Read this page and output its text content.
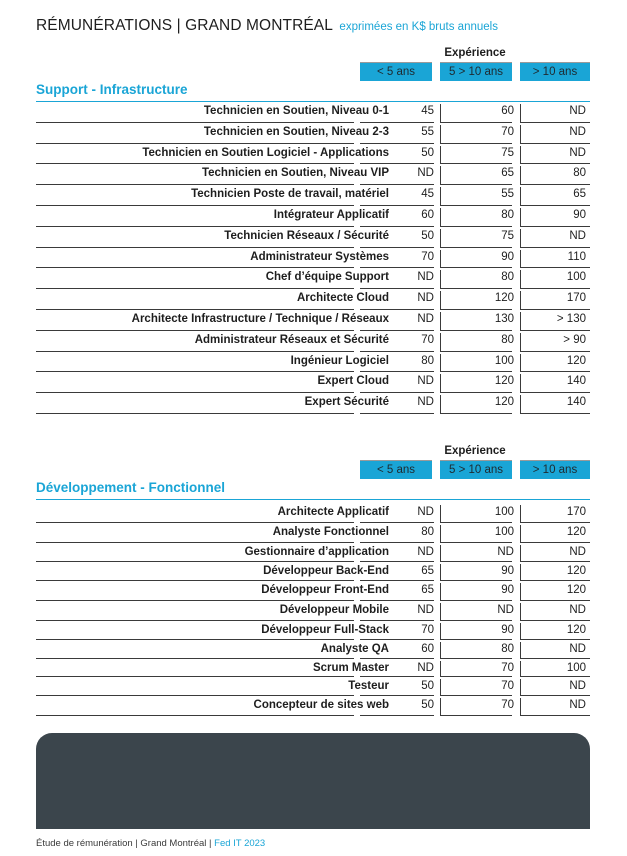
RÉMUNÉRATIONS | GRAND MONTRÉAL exprimées en K$ bruts annuels
Expérience
< 5 ans	5 > 10 ans	> 10 ans
Support - Infrastructure
Technicien en Soutien, Niveau 0-1	45	60	ND
Technicien en Soutien, Niveau 2-3	55	70	ND
Technicien en Soutien Logiciel - Applications	50	75	ND
Technicien en Soutien, Niveau VIP	ND	65	80
Technicien Poste de travail, matériel	45	55	65
Intégrateur Applicatif	60	80	90
Technicien Réseaux / Sécurité	50	75	ND
Administrateur Systèmes	70	90	110
Chef d’équipe Support	ND	80	100
Architecte Cloud	ND	120	170
Architecte Infrastructure / Technique / Réseaux	ND	130	> 130
Administrateur Réseaux et Sécurité	70	80	> 90
Ingénieur Logiciel	80	100	120
Expert Cloud	ND	120	140
Expert Sécurité	ND	120	140
Expérience
< 5 ans	5 > 10 ans	> 10 ans
Développement - Fonctionnel
Architecte Applicatif	ND	100	170
Analyste Fonctionnel	80	100	120
Gestionnaire d’application	ND	ND	ND
Développeur Back-End	65	90	120
Développeur Front-End	65	90	120
Développeur Mobile	ND	ND	ND
Développeur Full-Stack	70	90	120
Analyste QA	60	80	ND
Scrum Master	ND	70	100
Testeur	50	70	ND
Concepteur de sites web	50	70	ND
Étude de rémunération | Grand Montréal | Fed IT 2023
